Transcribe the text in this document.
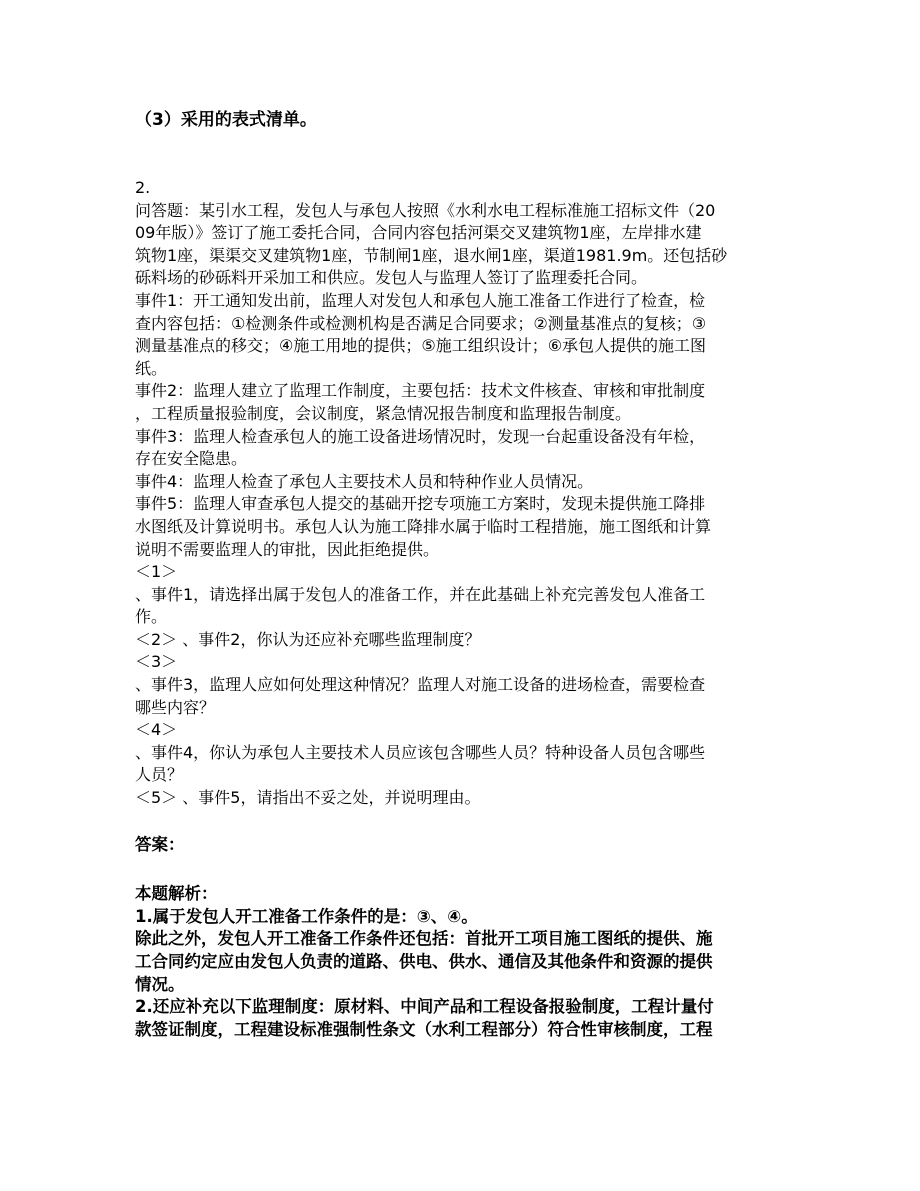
（3）采用的表式清单。
2.
问答题：某引水工程，发包人与承包人按照《水利水电工程标准施工招标文件（20
09年版）》签订了施工委托合同，合同内容包括河渠交叉建筑物1座，左岸排水建
筑物1座，渠渠交叉建筑物1座，节制闸1座，退水闸1座，渠道1981.9m。还包括砂
砾料场的砂砾料开采加工和供应。发包人与监理人签订了监理委托合同。
事件1：开工通知发出前，监理人对发包人和承包人施工准备工作进行了检查，检
查内容包括：①检测条件或检测机构是否满足合同要求；②测量基准点的复核；③
测量基准点的移交；④施工用地的提供；⑤施工组织设计；⑥承包人提供的施工图
纸。
事件2：监理人建立了监理工作制度，主要包括：技术文件核查、审核和审批制度
，工程质量报验制度，会议制度，紧急情况报告制度和监理报告制度。
事件3：监理人检查承包人的施工设备进场情况时，发现一台起重设备没有年检，
存在安全隐患。
事件4：监理人检查了承包人主要技术人员和特种作业人员情况。
事件5：监理人审查承包人提交的基础开挖专项施工方案时，发现未提供施工降排
水图纸及计算说明书。承包人认为施工降排水属于临时工程措施，施工图纸和计算
说明不需要监理人的审批，因此拒绝提供。
＜1＞
、事件1，请选择出属于发包人的准备工作，并在此基础上补充完善发包人准备工
作。
＜2＞ 、事件2，你认为还应补充哪些监理制度？
＜3＞
、事件3，监理人应如何处理这种情况？监理人对施工设备的进场检查，需要检查
哪些内容？
＜4＞
、事件4，你认为承包人主要技术人员应该包含哪些人员？特种设备人员包含哪些
人员？
＜5＞ 、事件5，请指出不妥之处，并说明理由。
答案：
本题解析：
1.属于发包人开工准备工作条件的是：③、④。
除此之外，发包人开工准备工作条件还包括：首批开工项目施工图纸的提供、施
工合同约定应由发包人负责的道路、供电、供水、通信及其他条件和资源的提供
情况。
2.还应补充以下监理制度：原材料、中间产品和工程设备报验制度，工程计量付
款签证制度，工程建设标准强制性条文（水利工程部分）符合性审核制度，工程
